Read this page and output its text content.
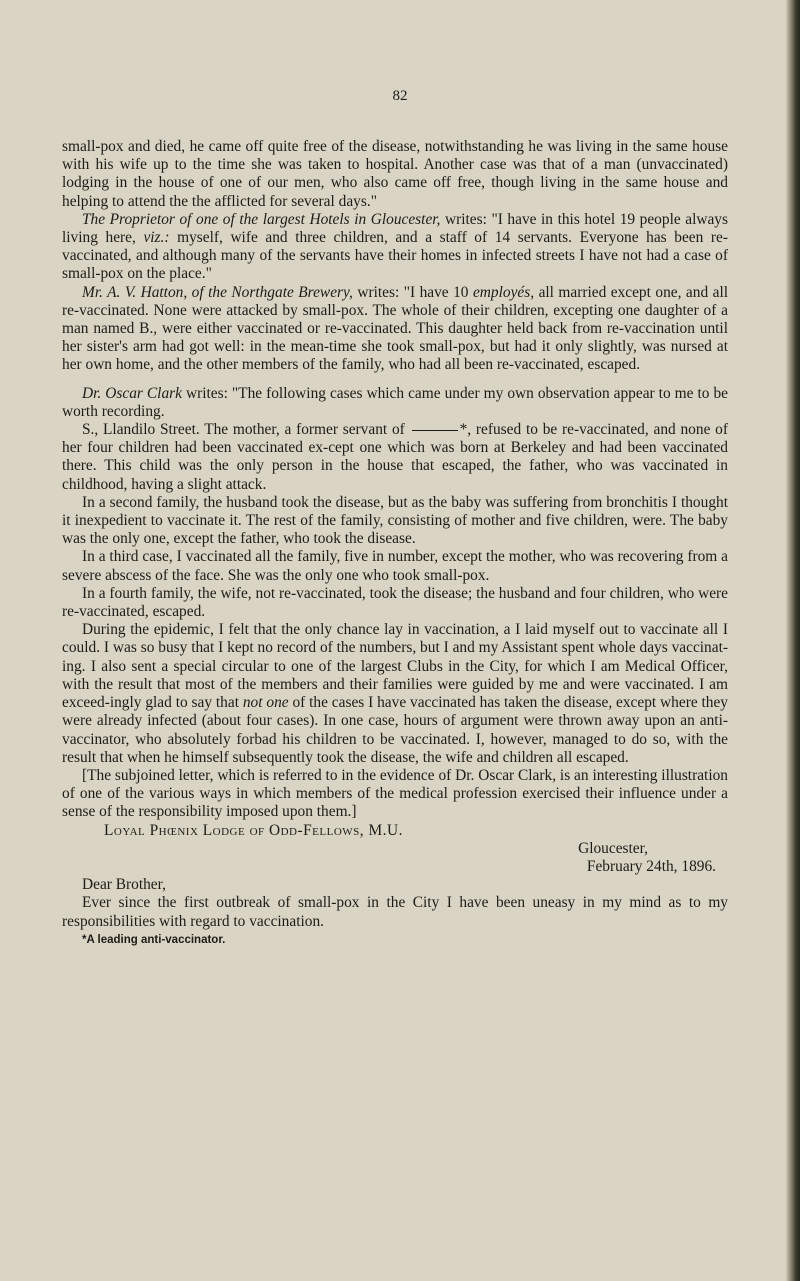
82

small-pox and died, he came off quite free of the disease, notwithstanding he was living in the same house with his wife up to the time she was taken to hospital. Another case was that of a man (unvaccinated) lodging in the house of one of our men, who also came off free, though living in the same house and helping to attend the the afflicted for several days."

The Proprietor of one of the largest Hotels in Gloucester, writes: "I have in this hotel 19 people always living here, viz.: myself, wife and three children, and a staff of 14 servants. Everyone has been re-vaccinated, and although many of the servants have their homes in infected streets I have not had a case of small-pox on the place."

Mr. A. V. Hatton, of the Northgate Brewery, writes: "I have 10 employés, all married except one, and all re-vaccinated. None were attacked by small-pox. The whole of their children, excepting one daughter of a man named B., were either vaccinated or re-vaccinated. This daughter held back from re-vaccination until her sister's arm had got well: in the mean-time she took small-pox, but had it only slightly, was nursed at her own home, and the other members of the family, who had all been re-vaccinated, escaped.

Dr. Oscar Clark writes: "The following cases which came under my own observation appear to me to be worth recording.

S., Llandilo Street. The mother, a former servant of	*, refused to be re-vaccinated, and none of her four children had been vaccinated ex-cept one which was born at Berkeley and had been vaccinated there. This child was the only person in the house that escaped, the father, who was vaccinated in childhood, having a slight attack.

In a second family, the husband took the disease, but as the baby was suffering from bronchitis I thought it inexpedient to vaccinate it. The rest of the family, consisting of mother and five children, were. The baby was the only one, except the father, who took the disease.

In a third case, I vaccinated all the family, five in number, except the mother, who was recovering from a severe abscess of the face. She was the only one who took small-pox.

In a fourth family, the wife, not re-vaccinated, took the disease; the husband and four children, who were re-vaccinated, escaped.

During the epidemic, I felt that the only chance lay in vaccination, a I laid myself out to vaccinate all I could. I was so busy that I kept no record of the numbers, but I and my Assistant spent whole days vaccinat-ing. I also sent a special circular to one of the largest Clubs in the City, for which I am Medical Officer, with the result that most of the members and their families were guided by me and were vaccinated. I am exceed-ingly glad to say that not one of the cases I have vaccinated has taken the disease, except where they were already infected (about four cases). In one case, hours of argument were thrown away upon an anti-vaccinator, who absolutely forbad his children to be vaccinated. I, however, managed to do so, with the result that when he himself subsequently took the disease, the wife and children all escaped.

[The subjoined letter, which is referred to in the evidence of Dr. Oscar Clark, is an interesting illustration of one of the various ways in which members of the medical profession exercised their influence under a sense of the responsibility imposed upon them.]

Loyal Phœnix Lodge of Odd-Fellows, M.U.

Gloucester,

February 24th, 1896.

Dear Brother,

Ever since the first outbreak of small-pox in the City I have been uneasy in my mind as to my responsibilities with regard to vaccination.

*A leading anti-vaccinator.
